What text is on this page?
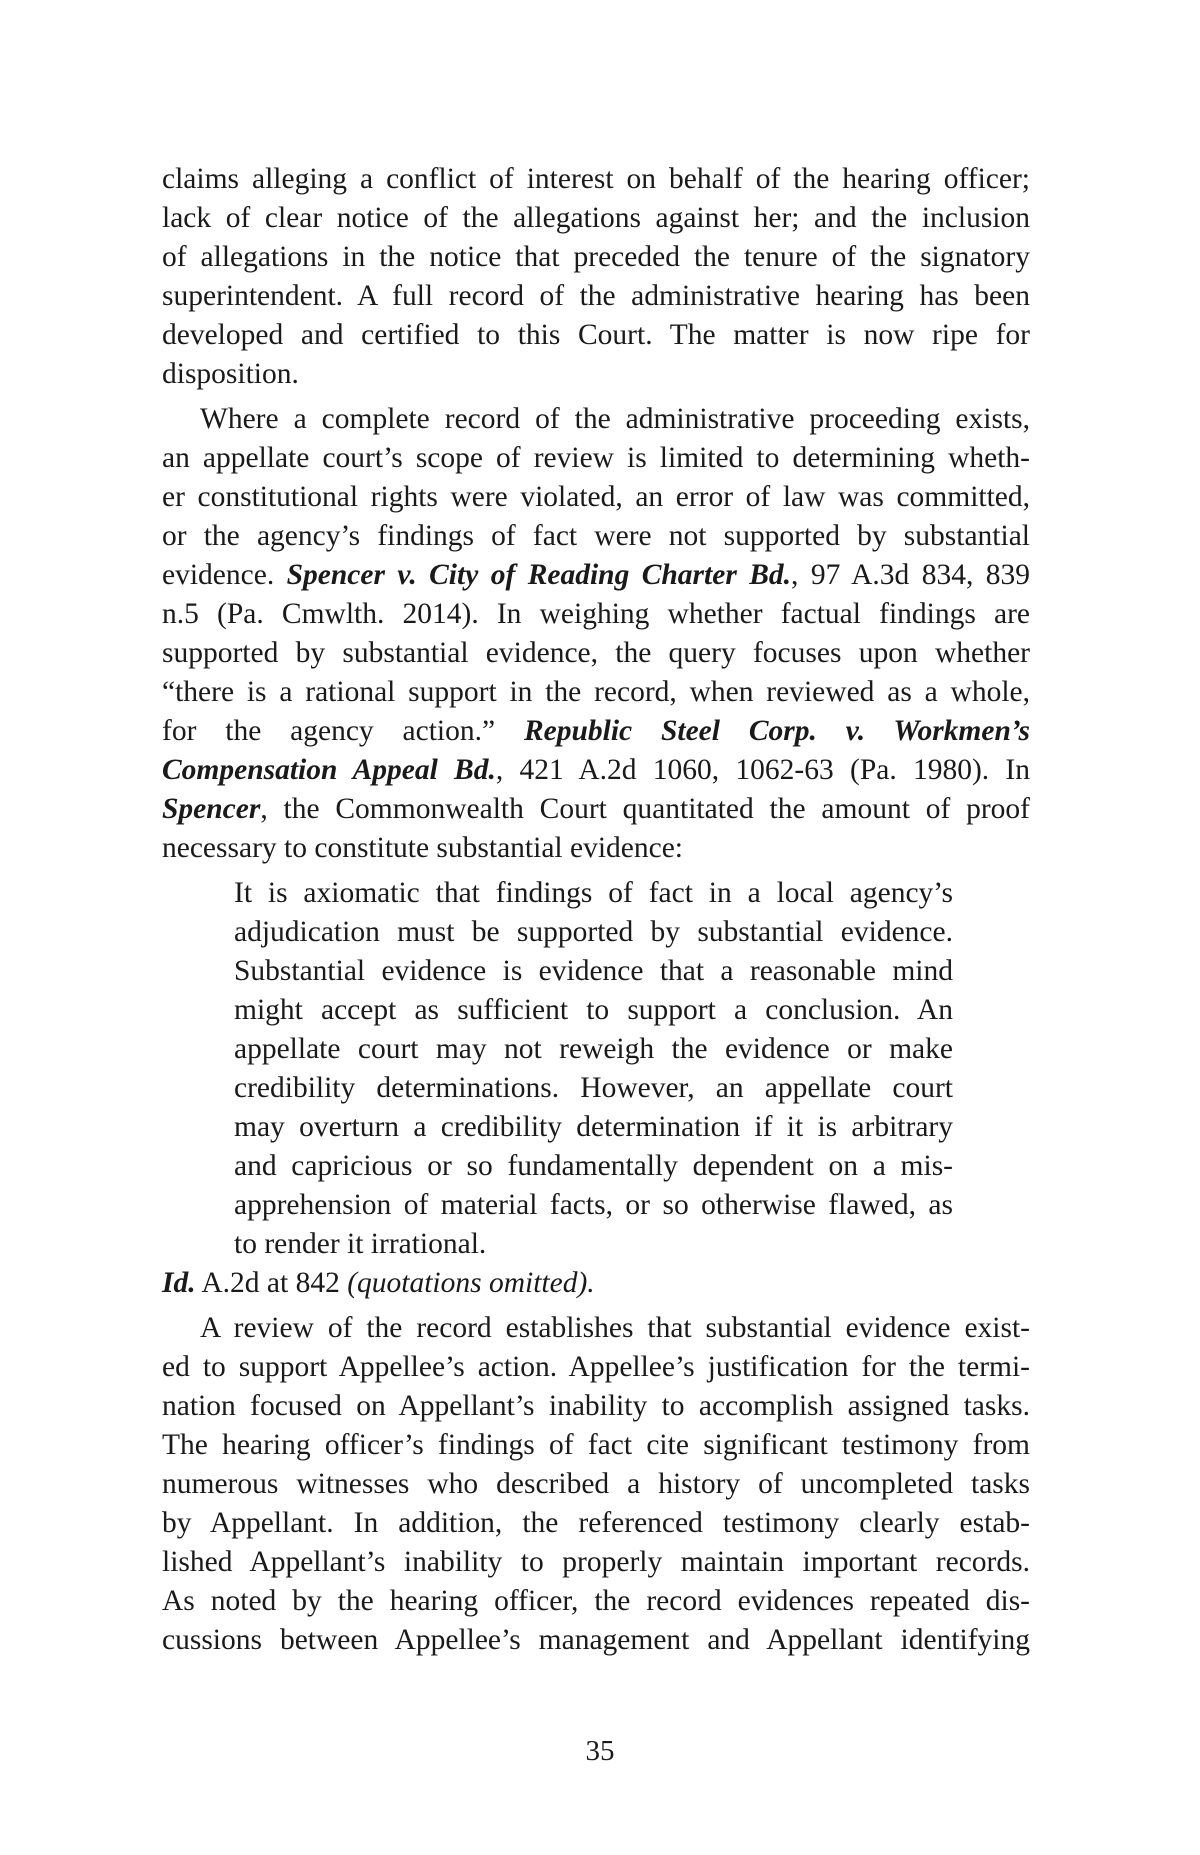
claims alleging a conflict of interest on behalf of the hearing officer;
lack of clear notice of the allegations against her; and the inclusion
of allegations in the notice that preceded the tenure of the signatory
superintendent. A full record of the administrative hearing has been
developed and certified to this Court. The matter is now ripe for
disposition.
Where a complete record of the administrative proceeding exists,
an appellate court’s scope of review is limited to determining wheth-
er constitutional rights were violated, an error of law was committed,
or the agency’s findings of fact were not supported by substantial
evidence. Spencer v. City of Reading Charter Bd., 97 A.3d 834, 839
n.5 (Pa. Cmwlth. 2014). In weighing whether factual findings are
supported by substantial evidence, the query focuses upon whether
“there is a rational support in the record, when reviewed as a whole,
for the agency action.” Republic Steel Corp. v. Workmen’s
Compensation Appeal Bd., 421 A.2d 1060, 1062-63 (Pa. 1980). In
Spencer, the Commonwealth Court quantitated the amount of proof
necessary to constitute substantial evidence:
It is axiomatic that findings of fact in a local agency’s
adjudication must be supported by substantial evidence.
Substantial evidence is evidence that a reasonable mind
might accept as sufficient to support a conclusion. An
appellate court may not reweigh the evidence or make
credibility determinations. However, an appellate court
may overturn a credibility determination if it is arbitrary
and capricious or so fundamentally dependent on a mis-
apprehension of material facts, or so otherwise flawed, as
to render it irrational.
Id. A.2d at 842 (quotations omitted).
A review of the record establishes that substantial evidence exist-
ed to support Appellee’s action. Appellee’s justification for the termi-
nation focused on Appellant’s inability to accomplish assigned tasks.
The hearing officer’s findings of fact cite significant testimony from
numerous witnesses who described a history of uncompleted tasks
by Appellant. In addition, the referenced testimony clearly estab-
lished Appellant’s inability to properly maintain important records.
As noted by the hearing officer, the record evidences repeated dis-
cussions between Appellee’s management and Appellant identifying
35
